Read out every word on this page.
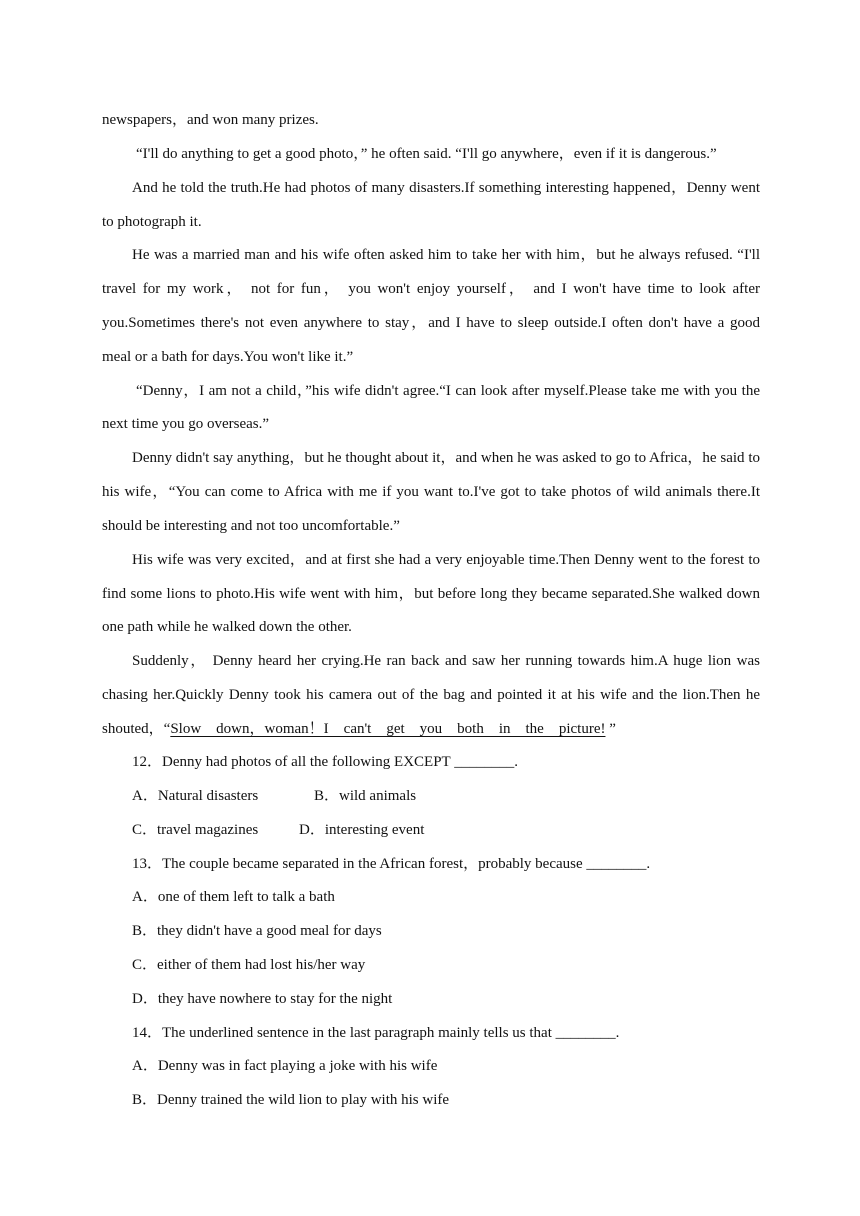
newspapers，and won many prizes.
“I'll do anything to get a good photo，” he often said. “I'll go anywhere，even if it is dangerous.”
And he told the truth.He had photos of many disasters.If something interesting happened，Denny went
to photograph it.
He was a married man and his wife often asked him to take her with him，but he always refused. “I'll
travel for my work， not for fun， you won't enjoy yourself， and I won't have time to look after
you.Sometimes there's not even anywhere to stay，and I have to sleep outside.I often don't have a good
meal or a bath for days.You won't like it.”
“Denny，I am not a child，”his wife didn't agree.“I can look after myself.Please take me with you the
next time you go overseas.”
Denny didn't say anything，but he thought about it，and when he was asked to go to Africa，he said to
his wife，“You can come to Africa with me if you want to.I've got to take photos of wild animals there.It
should be interesting and not too uncomfortable.”
His wife was very excited，and at first she had a very enjoyable time.Then Denny went to the forest to
find some lions to photo.His wife went with him，but before long they became separated.She walked down
one path while he walked down the other.
Suddenly， Denny heard her crying.He ran back and saw her running towards him.A huge lion was
chasing her.Quickly Denny took his camera out of the bag and pointed it at his wife and the lion.Then he
shouted，“Slow    down，woman！I    can't    get    you    both    in    the    picture! ”
12．Denny had photos of all the following EXCEPT ________.
A．Natural disasters	B．wild animals
C．travel magazines	D．interesting event
13．The couple became separated in the African forest，probably because ________.
A．one of them left to talk a bath
B．they didn't have a good meal for days
C．either of them had lost his/her way
D．they have nowhere to stay for the night
14．The underlined sentence in the last paragraph mainly tells us that ________.
A．Denny was in fact playing a joke with his wife
B．Denny trained the wild lion to play with his wife
